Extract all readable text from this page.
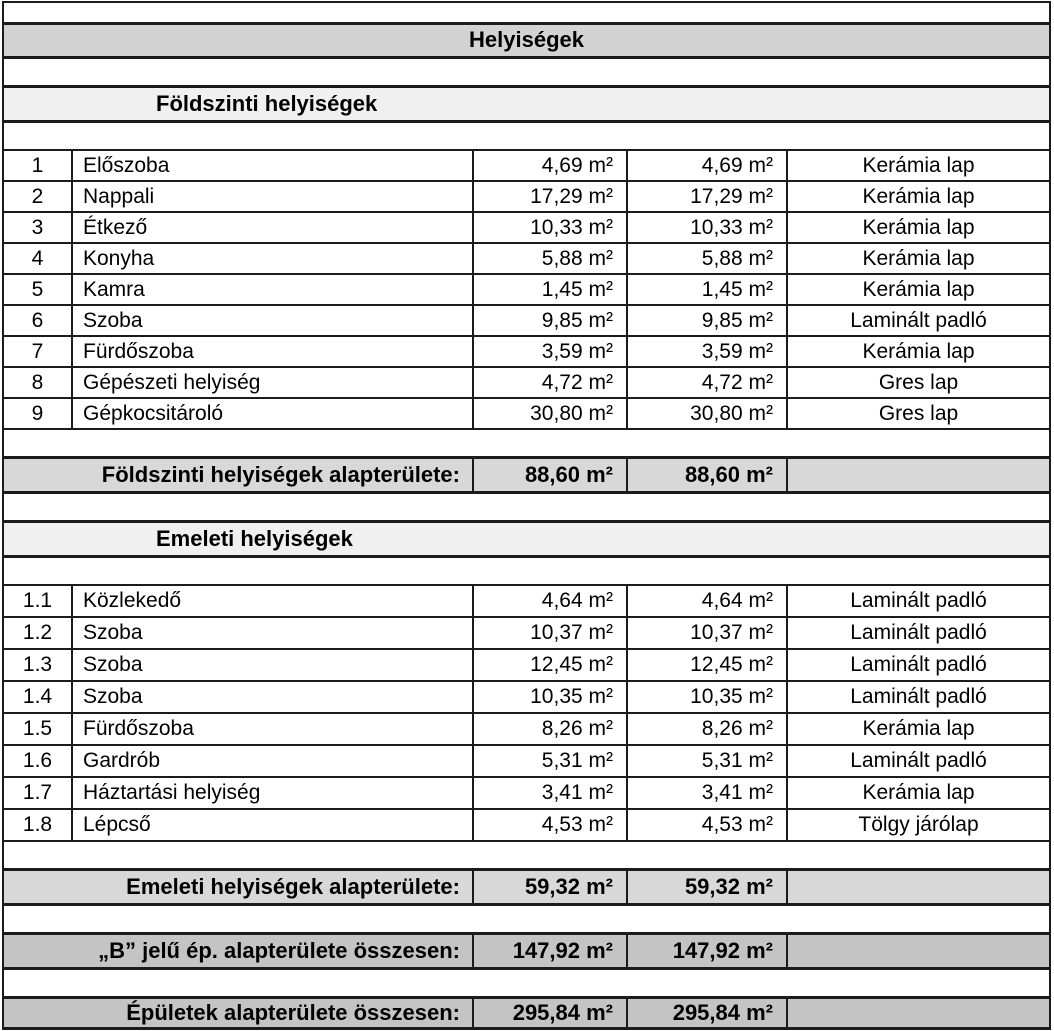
Helyiségek				

Földszinti helyiségek				

1	Előszoba	4,69 m²	4,69 m²	Kerámia lap
2	Nappali	17,29 m²	17,29 m²	Kerámia lap
3	Étkező	10,33 m²	10,33 m²	Kerámia lap
4	Konyha	5,88 m²	5,88 m²	Kerámia lap
5	Kamra	1,45 m²	1,45 m²	Kerámia lap
6	Szoba	9,85 m²	9,85 m²	Laminált padló
7	Fürdőszoba	3,59 m²	3,59 m²	Kerámia lap
8	Gépészeti helyiség	4,72 m²	4,72 m²	Gres lap
9	Gépkocsitároló	30,80 m²	30,80 m²	Gres lap

Földszinti helyiségek alapterülete:		88,60 m²	88,60 m²	

Emeleti helyiségek				

1.1	Közlekedő	4,64 m²	4,64 m²	Laminált padló
1.2	Szoba	10,37 m²	10,37 m²	Laminált padló
1.3	Szoba	12,45 m²	12,45 m²	Laminált padló
1.4	Szoba	10,35 m²	10,35 m²	Laminált padló
1.5	Fürdőszoba	8,26 m²	8,26 m²	Kerámia lap
1.6	Gardrób	5,31 m²	5,31 m²	Laminált padló
1.7	Háztartási helyiség	3,41 m²	3,41 m²	Kerámia lap
1.8	Lépcső	4,53 m²	4,53 m²	Tölgy járólap

Emeleti helyiségek alapterülete:		59,32 m²	59,32 m²	

„B” jelű ép. alapterülete összesen:		147,92 m²	147,92 m²	

Épületek alapterülete összesen:		295,84 m²	295,84 m²	
